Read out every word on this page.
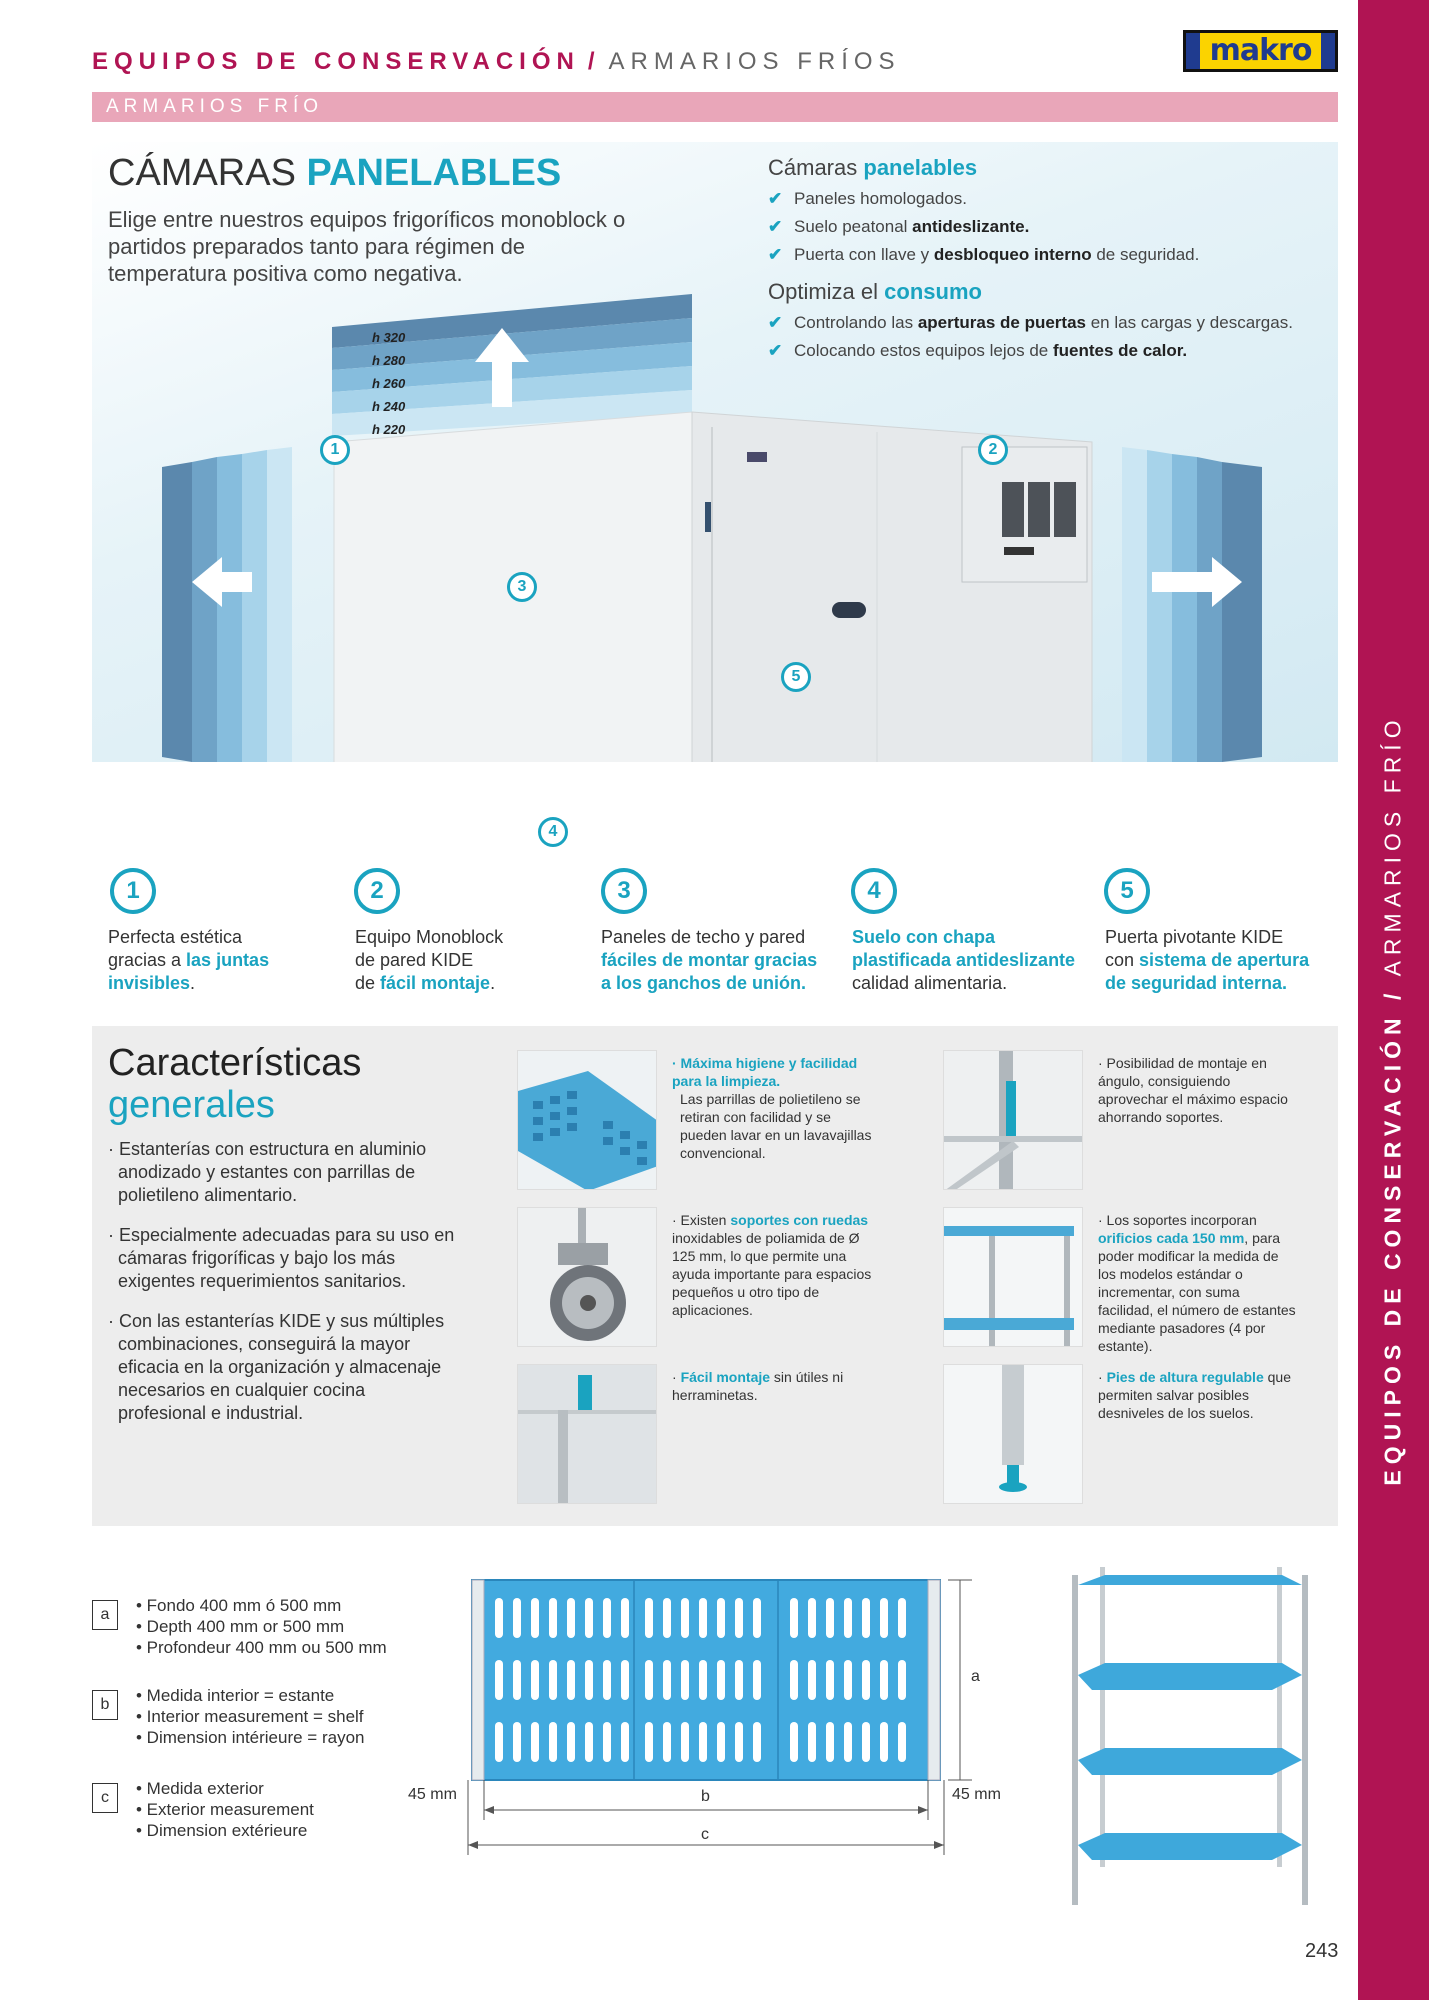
EQUIPOS DE CONSERVACIÓN / ARMARIOS FRÍOS	makro
ARMARIOS FRÍO
EQUIPOS DE CONSERVACIÓN / ARMARIOS FRÍO
CÁMARAS PANELABLES
Elige entre nuestros equipos frigoríficos monoblock o partidos preparados tanto para régimen de temperatura positiva como negativa.
Cámaras panelables
✔ Paneles homologados.
✔ Suelo peatonal antideslizante.
✔ Puerta con llave y desbloqueo interno de seguridad.
Optimiza el consumo
✔ Controlando las aperturas de puertas en las cargas y descargas.
✔ Colocando estos equipos lejos de fuentes de calor.
h 320
h 280
h 260
h 240
h 220
1	2
3
4
5
1
Perfecta estética
gracias a las juntas
invisibles.
2
Equipo Monoblock
de pared KIDE
de fácil montaje.
3
Paneles de techo y pared
fáciles de montar gracias
a los ganchos de unión.
4
Suelo con chapa
plastificada antideslizante
calidad alimentaria.
5
Puerta pivotante KIDE
con sistema de apertura
de seguridad interna.
Características
generales
· Estanterías con estructura en aluminio anodizado y estantes con parrillas de polietileno alimentario.
· Especialmente adecuadas para su uso en cámaras frigoríficas y bajo los más exigentes requerimientos sanitarios.
· Con las estanterías KIDE y sus múltiples combinaciones, conseguirá la mayor eficacia en la organización y almacenaje necesarios en cualquier cocina profesional e industrial.
· Máxima higiene y facilidad para la limpieza.
Las parrillas de polietileno se retiran con facilidad y se pueden lavar en un lavavajillas convencional.
· Existen soportes con ruedas inoxidables de poliamida de Ø 125 mm, lo que permite una ayuda importante para espacios pequeños u otro tipo de aplicaciones.
· Fácil montaje sin útiles ni herraminetas.
· Posibilidad de montaje en ángulo, consiguiendo aprovechar el máximo espacio ahorrando soportes.
· Los soportes incorporan orificios cada 150 mm, para poder modificar la medida de los modelos estándar o incrementar, con suma facilidad, el número de estantes mediante pasadores (4 por estante).
· Pies de altura regulable que permiten salvar posibles desniveles de los suelos.
a	• Fondo 400 mm ó 500 mm
• Depth 400 mm or 500 mm
• Profondeur 400 mm ou 500 mm
b	• Medida interior = estante
• Interior measurement = shelf
• Dimension intérieure = rayon
c	• Medida exterior
• Exterior measurement
• Dimension extérieure
45 mm	45 mm
a
b
c
243
